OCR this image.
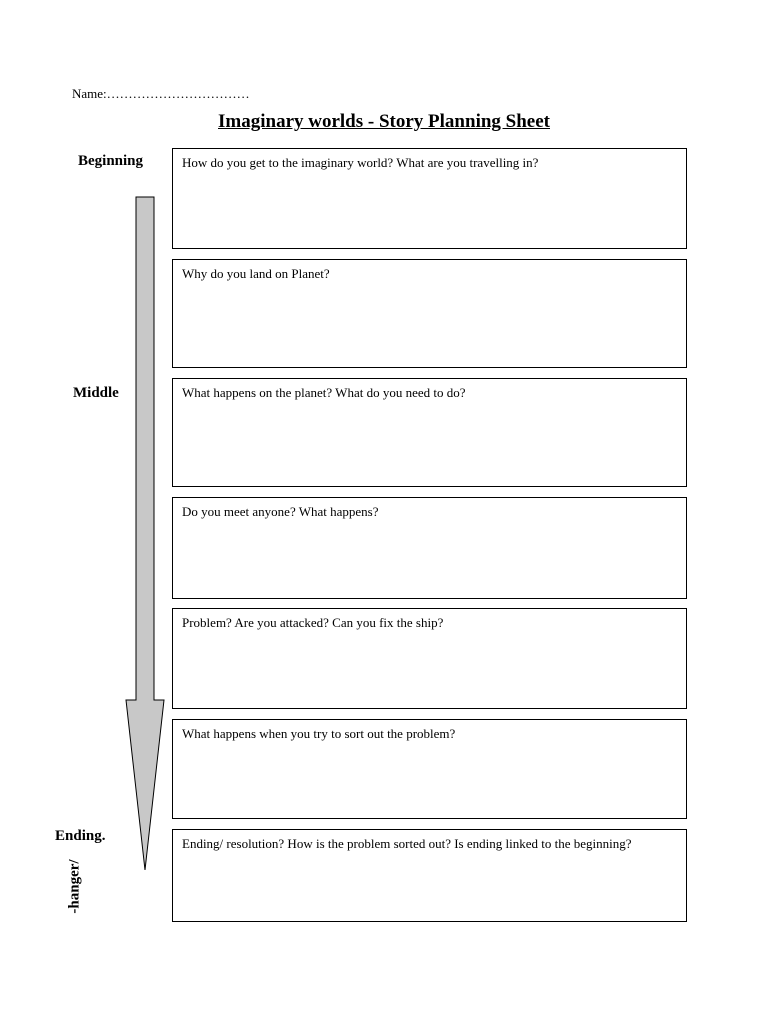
Name:……………………………
Imaginary worlds - Story Planning Sheet
Beginning
Middle
Ending.
-hanger/
How do you get to the imaginary world? What are you travelling in?
Why do you land on Planet?
What happens on the planet? What do you need to do?
Do you meet anyone? What happens?
Problem? Are you attacked? Can you fix the ship?
What happens when you try to sort out the problem?
Ending/ resolution? How is the problem sorted out? Is ending linked to the beginning?
